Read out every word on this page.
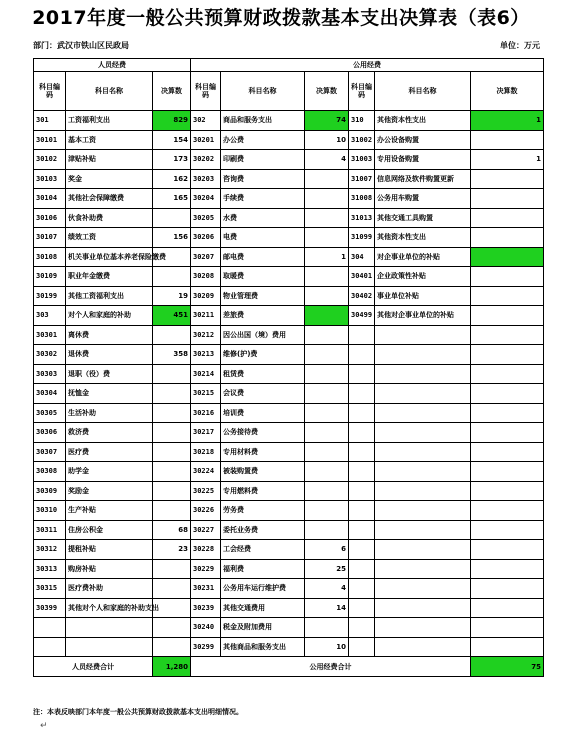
2017年度一般公共预算财政拨款基本支出决算表（表6）
部门：武汉市铁山区民政局	单位：万元
人员经费			公用经费					
科目编码	科目名称	决算数	科目编码	科目名称	决算数	科目编码	科目名称	决算数
301	工资福利支出	829	302	商品和服务支出	74	310	其他资本性支出	1
30101	基本工资	154	30201	办公费	10	31002	办公设备购置	
30102	津贴补贴	173	30202	印刷费	4	31003	专用设备购置	1
30103	奖金	162	30203	咨询费		31007	信息网络及软件购置更新	
30104	其他社会保障缴费	165	30204	手续费		31008	公务用车购置	
30106	伙食补助费		30205	水费		31013	其他交通工具购置	
30107	绩效工资	156	30206	电费		31099	其他资本性支出	
30108	机关事业单位基本养老保险缴费		30207	邮电费	1	304	对企事业单位的补贴	
30109	职业年金缴费		30208	取暖费		30401	企业政策性补贴	
30199	其他工资福利支出	19	30209	物业管理费		30402	事业单位补贴	
303	对个人和家庭的补助	451	30211	差旅费		30499	其他对企事业单位的补贴	
30301	离休费		30212	因公出国（境）费用				
30302	退休费	358	30213	维修(护)费				
30303	退职（役）费		30214	租赁费				
30304	抚恤金		30215	会议费				
30305	生活补助		30216	培训费				
30306	救济费		30217	公务接待费				
30307	医疗费		30218	专用材料费				
30308	助学金		30224	被装购置费				
30309	奖励金		30225	专用燃料费				
30310	生产补贴		30226	劳务费				
30311	住房公积金	68	30227	委托业务费				
30312	提租补贴	23	30228	工会经费	6			
30313	购房补贴		30229	福利费	25			
30315	医疗费补助		30231	公务用车运行维护费	4			
30399	其他对个人和家庭的补助支出		30239	其他交通费用	14			
			30240	税金及附加费用				
			30299	其他商品和服务支出	10			
人员经费合计		1,280	公用经费合计					75
注：本表反映部门本年度一般公共预算财政拨款基本支出明细情况。
↵
